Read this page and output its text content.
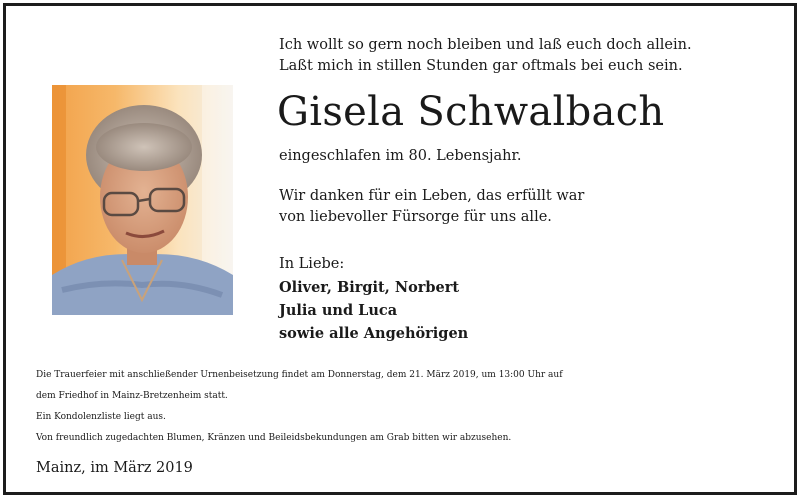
Ich wollt so gern noch bleiben und laß euch doch allein.
Laßt mich in stillen Stunden gar oftmals bei euch sein.
Gisela Schwalbach
eingeschlafen im 80. Lebensjahr.
Wir danken für ein Leben, das erfüllt war
von liebevoller Fürsorge für uns alle.
In Liebe:
Oliver, Birgit, Norbert
Julia und Luca
sowie alle Angehörigen
Die Trauerfeier mit anschließender Urnenbeisetzung findet am Donnerstag, dem 21. März 2019, um 13:00 Uhr auf
dem Friedhof in Mainz-Bretzenheim statt.
Ein Kondolenzliste liegt aus.
Von freundlich zugedachten Blumen, Kränzen und Beileidsbekundungen am Grab bitten wir abzusehen.
Mainz, im März 2019
